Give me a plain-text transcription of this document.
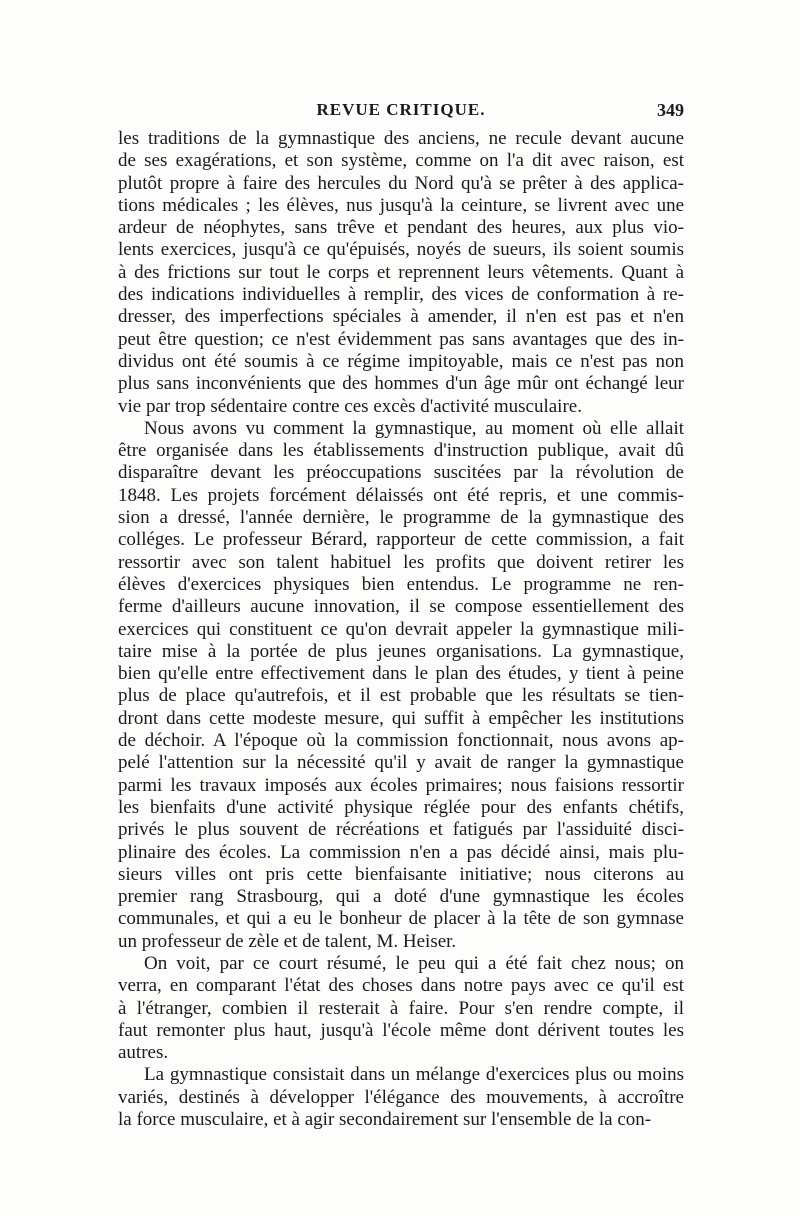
REVUE CRITIQUE.	349
les traditions de la gymnastique des anciens, ne recule devant aucune
de ses exagérations, et son système, comme on l'a dit avec raison, est
plutôt propre à faire des hercules du Nord qu'à se prêter à des applica-
tions médicales ; les élèves, nus jusqu'à la ceinture, se livrent avec une
ardeur de néophytes, sans trêve et pendant des heures, aux plus vio-
lents exercices, jusqu'à ce qu'épuisés, noyés de sueurs, ils soient soumis
à des frictions sur tout le corps et reprennent leurs vêtements. Quant à
des indications individuelles à remplir, des vices de conformation à re-
dresser, des imperfections spéciales à amender, il n'en est pas et n'en
peut être question; ce n'est évidemment pas sans avantages que des in-
dividus ont été soumis à ce régime impitoyable, mais ce n'est pas non
plus sans inconvénients que des hommes d'un âge mûr ont échangé leur
vie par trop sédentaire contre ces excès d'activité musculaire.
Nous avons vu comment la gymnastique, au moment où elle allait
être organisée dans les établissements d'instruction publique, avait dû
disparaître devant les préoccupations suscitées par la révolution de
1848. Les projets forcément délaissés ont été repris, et une commis-
sion a dressé, l'année dernière, le programme de la gymnastique des
colléges. Le professeur Bérard, rapporteur de cette commission, a fait
ressortir avec son talent habituel les profits que doivent retirer les
élèves d'exercices physiques bien entendus. Le programme ne ren-
ferme d'ailleurs aucune innovation, il se compose essentiellement des
exercices qui constituent ce qu'on devrait appeler la gymnastique mili-
taire mise à la portée de plus jeunes organisations. La gymnastique,
bien qu'elle entre effectivement dans le plan des études, y tient à peine
plus de place qu'autrefois, et il est probable que les résultats se tien-
dront dans cette modeste mesure, qui suffit à empêcher les institutions
de déchoir. A l'époque où la commission fonctionnait, nous avons ap-
pelé l'attention sur la nécessité qu'il y avait de ranger la gymnastique
parmi les travaux imposés aux écoles primaires; nous faisions ressortir
les bienfaits d'une activité physique réglée pour des enfants chétifs,
privés le plus souvent de récréations et fatigués par l'assiduité disci-
plinaire des écoles. La commission n'en a pas décidé ainsi, mais plu-
sieurs villes ont pris cette bienfaisante initiative; nous citerons au
premier rang Strasbourg, qui a doté d'une gymnastique les écoles
communales, et qui a eu le bonheur de placer à la tête de son gymnase
un professeur de zèle et de talent, M. Heiser.
On voit, par ce court résumé, le peu qui a été fait chez nous; on
verra, en comparant l'état des choses dans notre pays avec ce qu'il est
à l'étranger, combien il resterait à faire. Pour s'en rendre compte, il
faut remonter plus haut, jusqu'à l'école même dont dérivent toutes les
autres.
La gymnastique consistait dans un mélange d'exercices plus ou moins
variés, destinés à développer l'élégance des mouvements, à accroître
la force musculaire, et à agir secondairement sur l'ensemble de la con-
